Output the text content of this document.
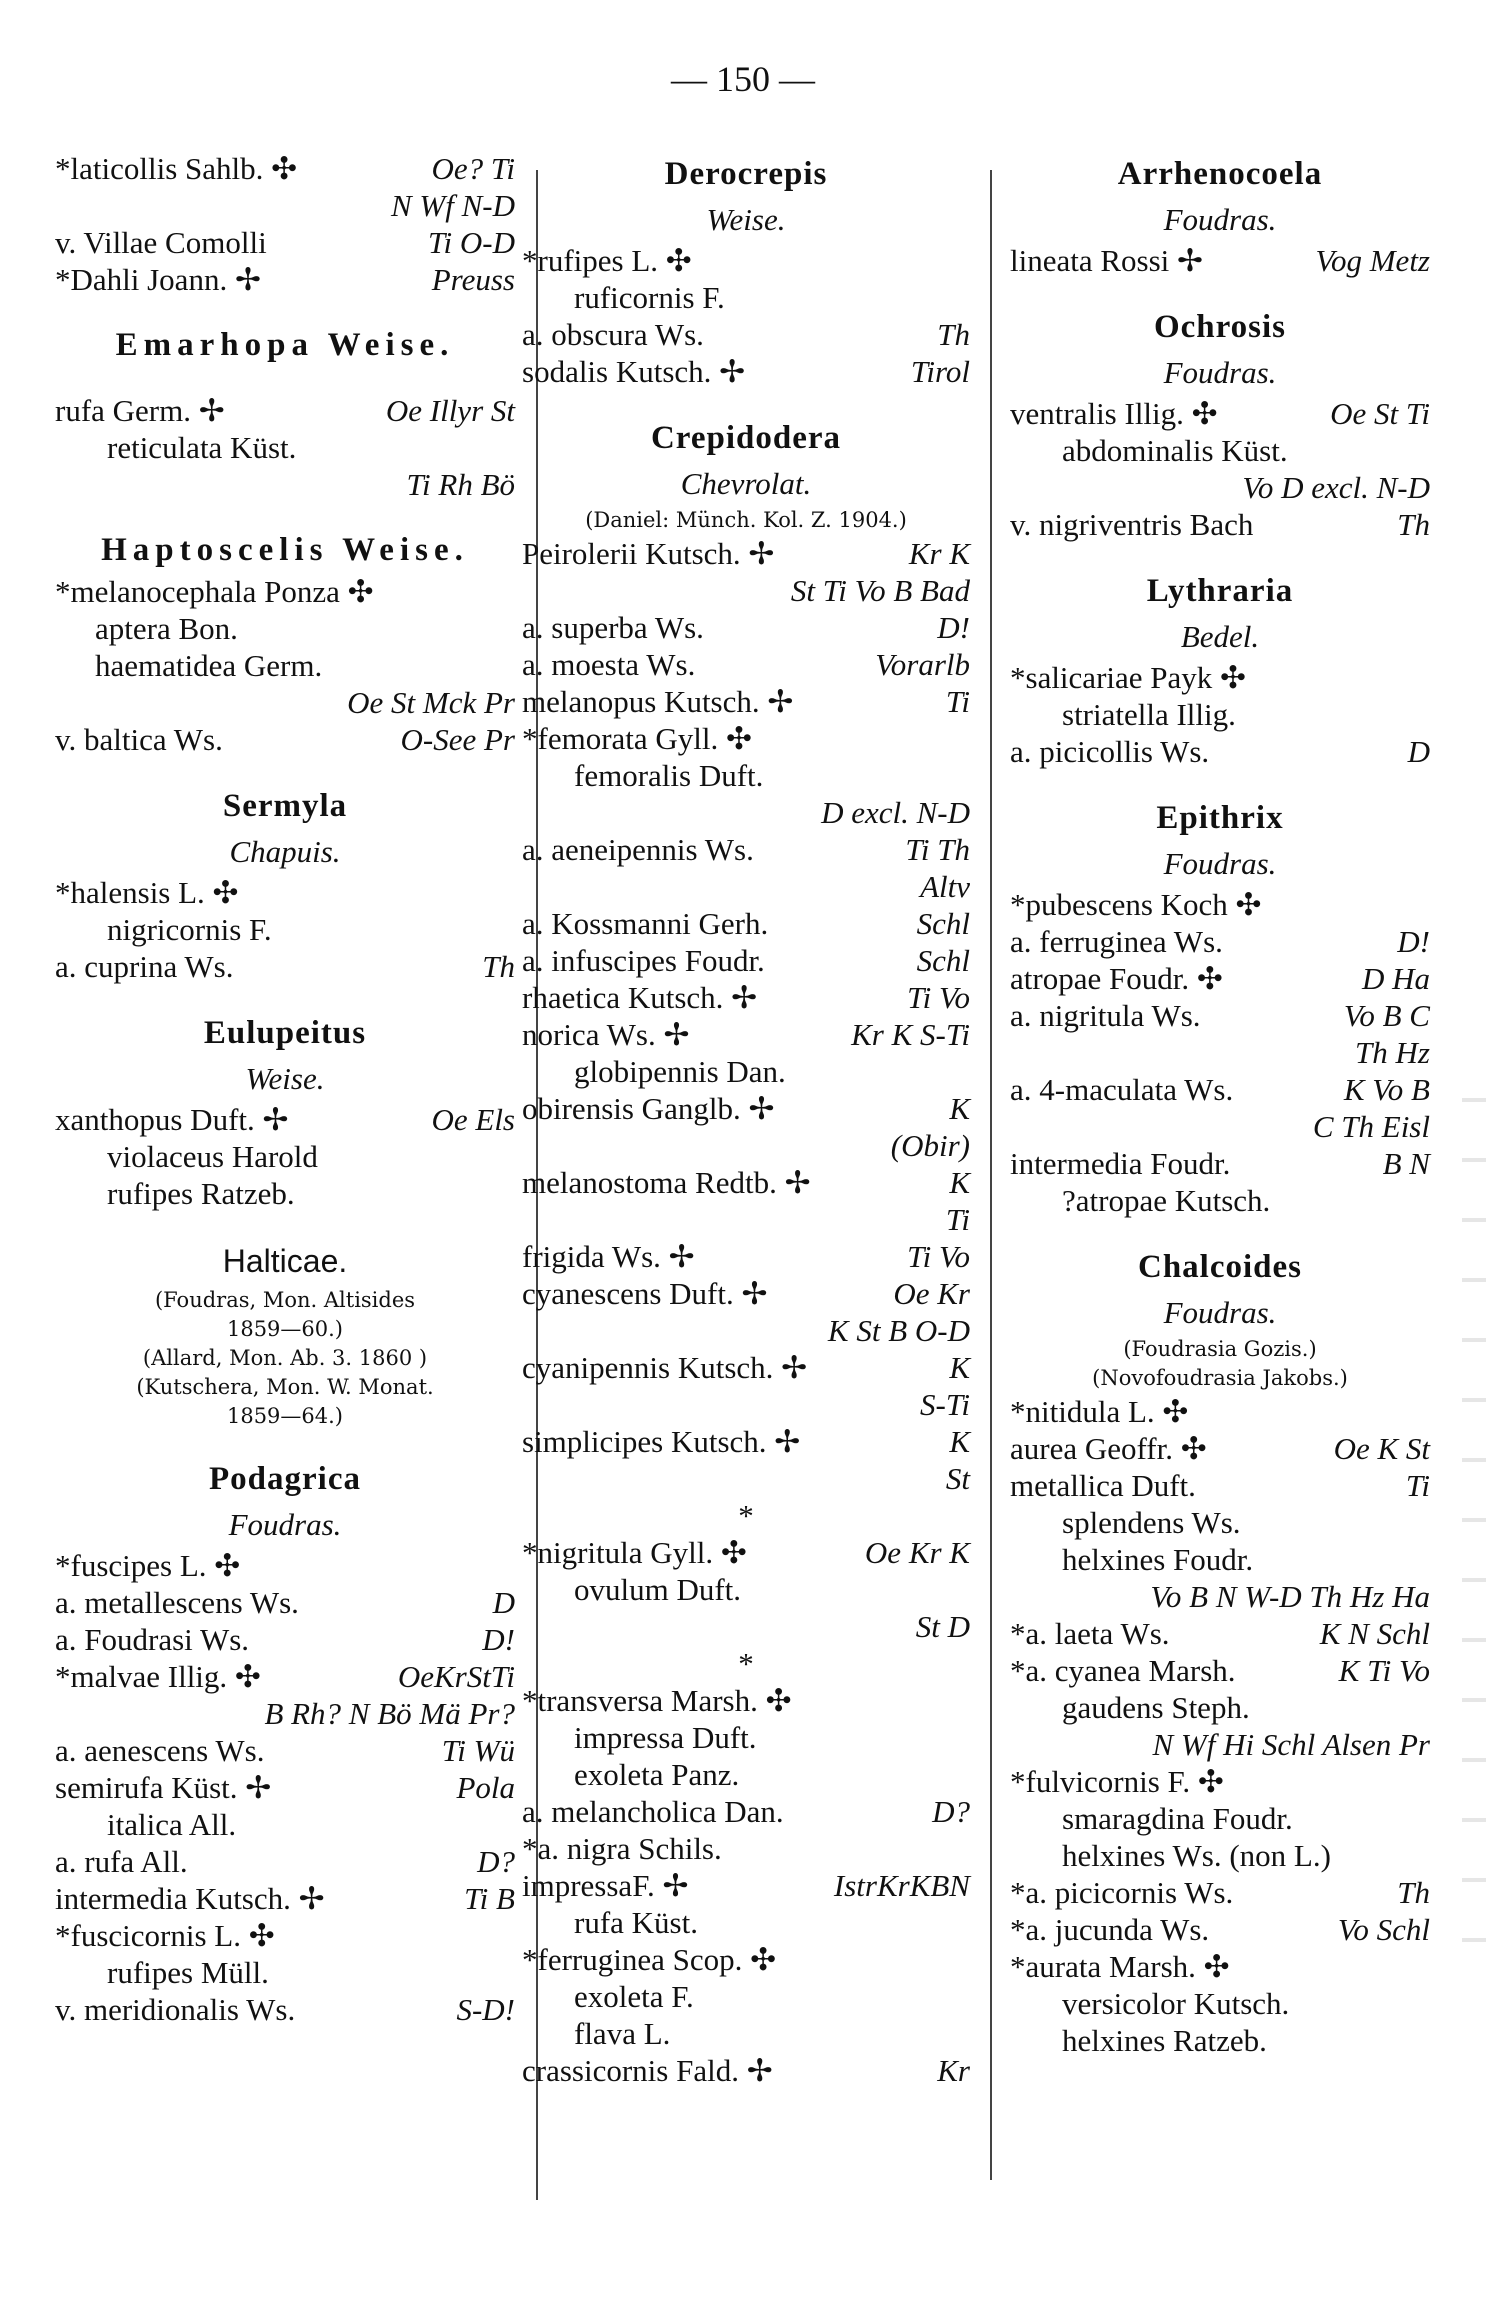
— 150 —
*laticollis Sahlb. ✣	Oe? Ti
N Wf N-D
v. Villae Comolli	Ti O-D
*Dahli Joann. ✢	Preuss
Emarhopa Weise.
rufa Germ. ✢	Oe Illyr St
reticulata Küst.
Ti Rh Bö
Haptoscelis Weise.
*melanocephala Ponza ✣
aptera Bon.
haematidea Germ.
Oe St Mck Pr
v. baltica Ws.	O-See Pr
Sermyla
Chapuis.
*halensis L. ✣
nigricornis F.
a. cuprina Ws.	Th
Eulupeitus
Weise.
xanthopus Duft. ✢	Oe Els
violaceus Harold
rufipes Ratzeb.
Halticae.
(Foudras, Mon. Altisides
1859—60.)
(Allard, Mon. Ab. 3. 1860 )
(Kutschera, Mon. W. Monat.
1859—64.)
Podagrica
Foudras.
*fuscipes L. ✣
a. metallescens Ws.	D
a. Foudrasi Ws.	D!
*malvae Illig. ✣	OeKrStTi
B Rh? N Bö Mä Pr?
a. aenescens Ws.	Ti Wü
semirufa Küst. ✢	Pola
italica All.
a. rufa All.	D?
intermedia Kutsch. ✢	Ti B
*fuscicornis L. ✣
rufipes Müll.
v. meridionalis Ws.	S-D!
Derocrepis
Weise.
*rufipes L. ✣
ruficornis F.
a. obscura Ws.	Th
sodalis Kutsch. ✢	Tirol
Crepidodera
Chevrolat.
(Daniel: Münch. Kol. Z. 1904.)
Peirolerii Kutsch. ✢	Kr K
St Ti Vo B Bad
a. superba Ws.	D!
a. moesta Ws.	Vorarlb
melanopus Kutsch. ✢	Ti
*femorata Gyll. ✣
femoralis Duft.
D excl. N-D
a. aeneipennis Ws.	Ti Th
Altv
a. Kossmanni Gerh.	Schl
a. infuscipes Foudr.	Schl
rhaetica Kutsch. ✢	Ti Vo
norica Ws. ✢	Kr K S-Ti
globipennis Dan.
obirensis Ganglb. ✢	K
(Obir)
melanostoma Redtb. ✢	K
Ti
frigida Ws. ✢	Ti Vo
cyanescens Duft. ✢	Oe Kr
K St B O-D
cyanipennis Kutsch. ✢	K
S-Ti
simplicipes Kutsch. ✢	K
St
*
*nigritula Gyll. ✣	Oe Kr K
ovulum Duft.
St D
*
*transversa Marsh. ✣
impressa Duft.
exoleta Panz.
a. melancholica Dan.	D?
*a. nigra Schils.
impressaF. ✢	IstrKrKBN
rufa Küst.
*ferruginea Scop. ✣
exoleta F.
flava L.
crassicornis Fald. ✢	Kr
Arrhenocoela
Foudras.
lineata Rossi ✢	Vog Metz
Ochrosis
Foudras.
ventralis Illig. ✣	Oe St Ti
abdominalis Küst.
Vo D excl. N-D
v. nigriventris Bach	Th
Lythraria
Bedel.
*salicariae Payk ✣
striatella Illig.
a. picicollis Ws.	D
Epithrix
Foudras.
*pubescens Koch ✣
a. ferruginea Ws.	D!
atropae Foudr. ✣	D Ha
a. nigritula Ws.	Vo B C
Th Hz
a. 4-maculata Ws.	K Vo B
C Th Eisl
intermedia Foudr.	B N
?atropae Kutsch.
Chalcoides
Foudras.
(Foudrasia Gozis.)
(Novofoudrasia Jakobs.)
*nitidula L. ✣
aurea Geoffr. ✣	Oe K St
metallica Duft.	Ti
splendens Ws.
helxines Foudr.
Vo B N W-D Th Hz Ha
*a. laeta Ws.	K N Schl
*a. cyanea Marsh.	K Ti Vo
gaudens Steph.
N Wf Hi Schl Alsen Pr
*fulvicornis F. ✣
smaragdina Foudr.
helxines Ws. (non L.)
*a. picicornis Ws.	Th
*a. jucunda Ws.	Vo Schl
*aurata Marsh. ✣
versicolor Kutsch.
helxines Ratzeb.
